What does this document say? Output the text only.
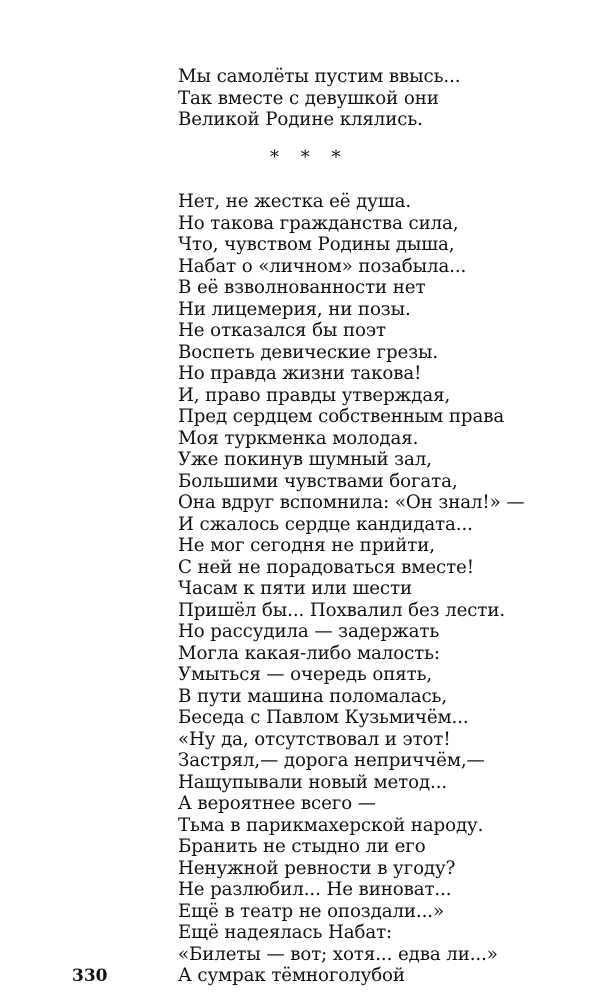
Мы самолёты пустим ввысь...
Так вместе с девушкой они
Великой Родине клялись.
* * *
Нет, не жестка её душа.
Но такова гражданства сила,
Что, чувством Родины дыша,
Набат о «личном» позабыла...
В её взволнованности нет
Ни лицемерия, ни позы.
Не отказался бы поэт
Воспеть девические грезы.
Но правда жизни такова!
И, право правды утверждая,
Пред сердцем собственным права
Моя туркменка молодая.
Уже покинув шумный зал,
Большими чувствами богата,
Она вдруг вспомнила: «Он знал!» —
И сжалось сердце кандидата...
Не мог сегодня не прийти,
С ней не порадоваться вместе!
Часам к пяти или шести
Пришёл бы... Похвалил без лести.
Но рассудила — задержать
Могла какая-либо малость:
Умыться — очередь опять,
В пути машина поломалась,
Беседа с Павлом Кузьмичём...
«Ну да, отсутствовал и этот!
Застрял,— дорога неприччём,—
Нащупывали новый метод...
А вероятнее всего —
Тьма в парикмахерской народу.
Бранить не стыдно ли его
Ненужной ревности в угоду?
Не разлюбил... Не виноват...
Ещё в театр не опоздали...»
Ещё надеялась Набат:
«Билеты — вот; хотя... едва ли...»
А сумрак тёмноголубой
330
